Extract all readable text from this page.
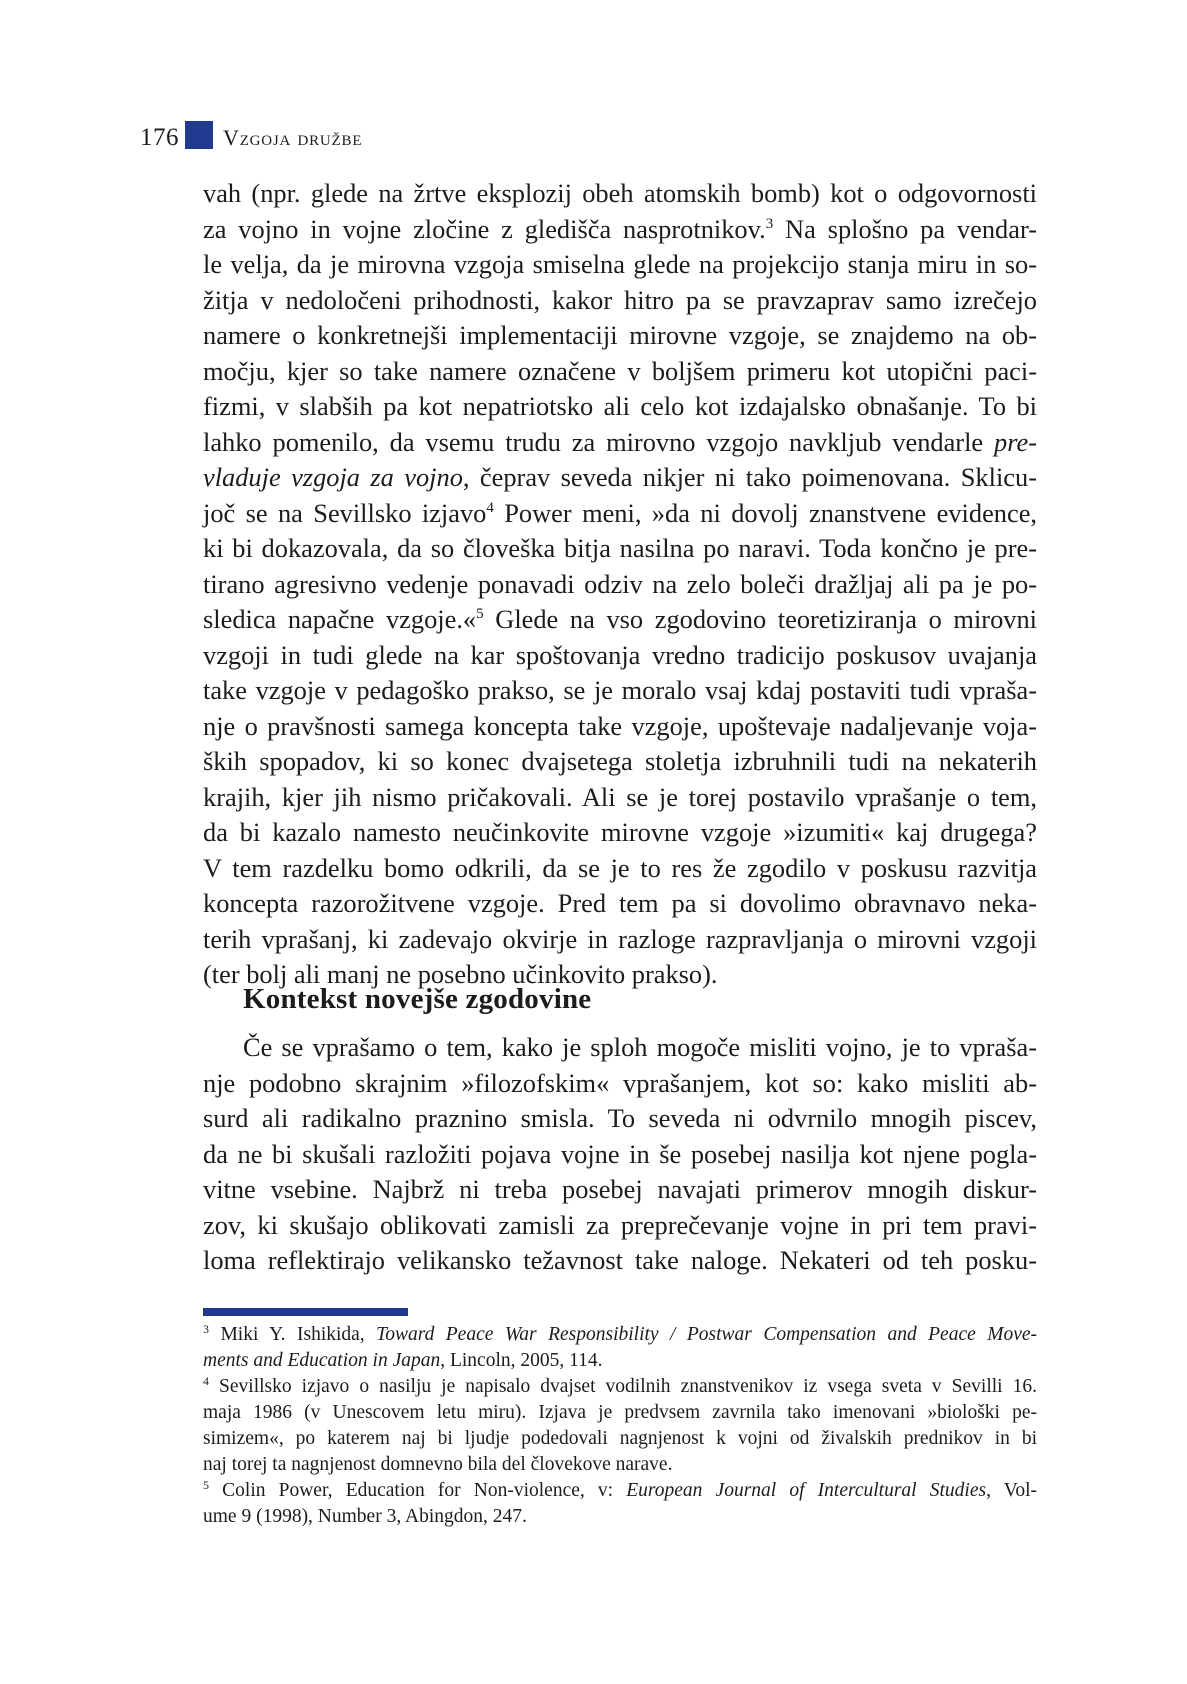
176 Vzgoja družbe
vah (npr. glede na žrtve eksplozij obeh atomskih bomb) kot o odgovornosti
za vojno in vojne zločine z gledišča nasprotnikov.$^3$ Na splošno pa vendar-
le velja, da je mirovna vzgoja smiselna glede na projekcijo stanja miru in so-
žitja v nedoločeni prihodnosti, kakor hitro pa se pravzaprav samo izrečejo
namere o konkretnejši implementaciji mirovne vzgoje, se znajdemo na ob-
močju, kjer so take namere označene v boljšem primeru kot utopični paci-
fizmi, v slabših pa kot nepatriotsko ali celo kot izdajalsko obnašanje. To bi
lahko pomenilo, da vsemu trudu za mirovno vzgojo navkljub vendarle pre-
vladuje vzgoja za vojno, čeprav seveda nikjer ni tako poimenovana. Sklicu-
joč se na Sevillsko izjavo$^4$ Power meni, »da ni dovolj znanstvene evidence,
ki bi dokazovala, da so človeška bitja nasilna po naravi. Toda končno je pre-
tirano agresivno vedenje ponavadi odziv na zelo boleči dražljaj ali pa je po-
sledica napačne vzgoje.«$^5$ Glede na vso zgodovino teoretiziranja o mirovni
vzgoji in tudi glede na kar spoštovanja vredno tradicijo poskusov uvajanja
take vzgoje v pedagoško prakso, se je moralo vsaj kdaj postaviti tudi vpraša-
nje o pravšnosti samega koncepta take vzgoje, upoštevaje nadaljevanje voja-
ških spopadov, ki so konec dvajsetega stoletja izbruhnili tudi na nekaterih
krajih, kjer jih nismo pričakovali. Ali se je torej postavilo vprašanje o tem,
da bi kazalo namesto neučinkovite mirovne vzgoje »izumiti« kaj drugega?
V tem razdelku bomo odkrili, da se je to res že zgodilo v poskusu razvitja
koncepta razorožitvene vzgoje. Pred tem pa si dovolimo obravnavo neka-
terih vprašanj, ki zadevajo okvirje in razloge razpravljanja o mirovni vzgoji
(ter bolj ali manj ne posebno učinkovito prakso).
Kontekst novejše zgodovine
Če se vprašamo o tem, kako je sploh mogoče misliti vojno, je to vpraša-
nje podobno skrajnim »filozofskim« vprašanjem, kot so: kako misliti ab-
surd ali radikalno praznino smisla. To seveda ni odvrnilo mnogih piscev,
da ne bi skušali razložiti pojava vojne in še posebej nasilja kot njene pogla-
vitne vsebine. Najbrž ni treba posebej navajati primerov mnogih diskur-
zov, ki skušajo oblikovati zamisli za preprečevanje vojne in pri tem pravi-
loma reflektirajo velikansko težavnost take naloge. Nekateri od teh posku-
$^3$ Miki Y. Ishikida, Toward Peace War Responsibility / Postwar Compensation and Peace Move-
ments and Education in Japan, Lincoln, 2005, 114.
$^4$ Sevillsko izjavo o nasilju je napisalo dvajset vodilnih znanstvenikov iz vsega sveta v Sevilli 16.
maja 1986 (v Unescovem letu miru). Izjava je predvsem zavrnila tako imenovani »biološki pe-
simizem«, po katerem naj bi ljudje podedovali nagnjenost k vojni od živalskih prednikov in bi
naj torej ta nagnjenost domnevno bila del človekove narave.
$^5$ Colin Power, Education for Non-violence, v: European Journal of Intercultural Studies, Vol-
ume 9 (1998), Number 3, Abingdon, 247.
